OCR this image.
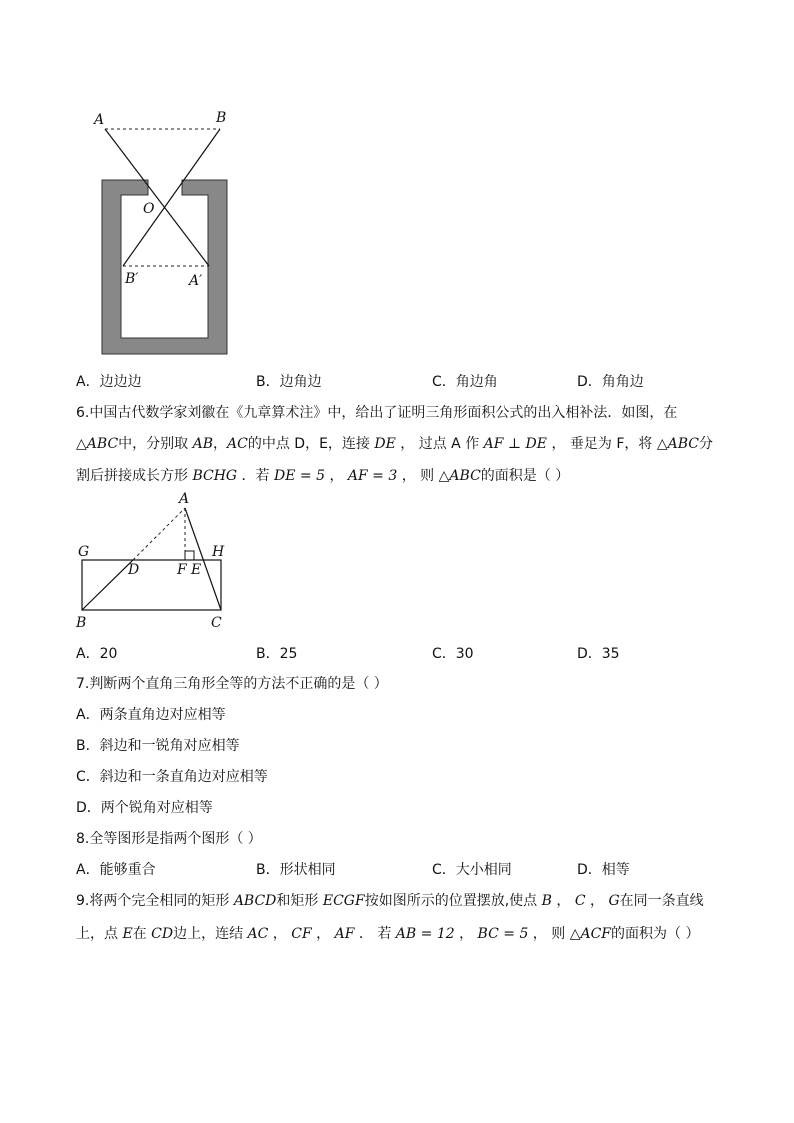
A	B
O
B′	A′
A．边边边	B．边角边	C．角边角	D．角角边
6.中国古代数学家刘徽在《九章算术注》中，给出了证明三角形面积公式的出入相补法．如图，在
△ABC中，分别取 AB，AC的中点 D，E，连接 DE ， 过点 A 作 AF ⊥ DE ， 垂足为 F，将 △ABC分
割后拼接成长方形 BCHG ．若 DE = 5 ， AF = 3 ， 则 △ABC的面积是（ ）
A
G	H
D	F E
B	C
A．20	B．25	C．30	D．35
7.判断两个直角三角形全等的方法不正确的是（ ）
A．两条直角边对应相等
B．斜边和一锐角对应相等
C．斜边和一条直角边对应相等
D．两个锐角对应相等
8.全等图形是指两个图形（ ）
A．能够重合	B．形状相同	C．大小相同	D．相等
9.将两个完全相同的矩形 ABCD和矩形 ECGF按如图所示的位置摆放,使点 B ， C ， G在同一条直线
上，点 E在 CD边上，连结 AC ， CF ， AF ． 若 AB = 12 ， BC = 5 ， 则 △ACF的面积为（ ）
